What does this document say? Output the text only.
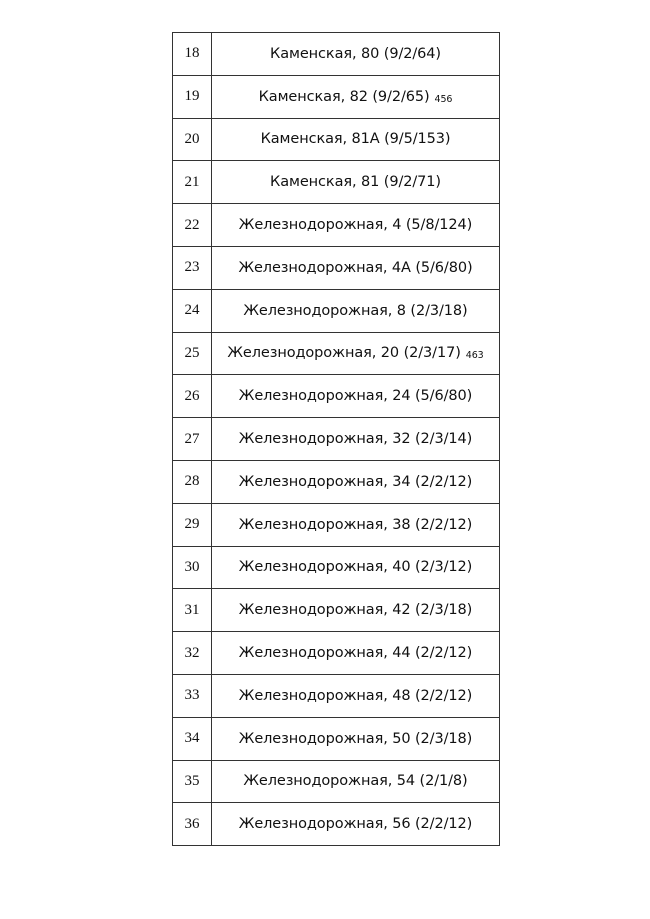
18	Каменская, 80 (9/2/64)
19	Каменская, 82 (9/2/65) 456
20	Каменская, 81А (9/5/153)
21	Каменская, 81 (9/2/71)
22	Железнодорожная, 4 (5/8/124)
23	Железнодорожная, 4А (5/6/80)
24	Железнодорожная, 8 (2/3/18)
25	Железнодорожная, 20 (2/3/17) 463
26	Железнодорожная, 24 (5/6/80)
27	Железнодорожная, 32 (2/3/14)
28	Железнодорожная, 34 (2/2/12)
29	Железнодорожная, 38 (2/2/12)
30	Железнодорожная, 40 (2/3/12)
31	Железнодорожная, 42 (2/3/18)
32	Железнодорожная, 44 (2/2/12)
33	Железнодорожная, 48 (2/2/12)
34	Железнодорожная, 50 (2/3/18)
35	Железнодорожная, 54 (2/1/8)
36	Железнодорожная, 56 (2/2/12)
